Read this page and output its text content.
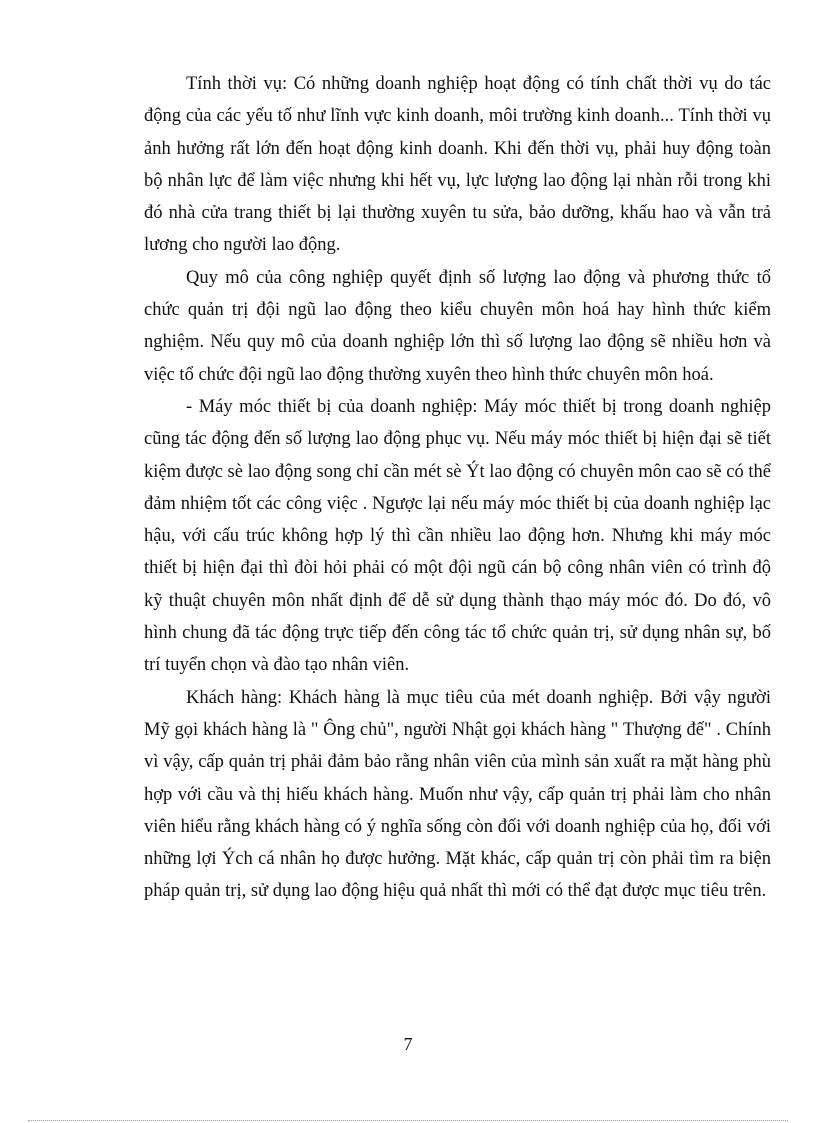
Tính thời vụ: Có những doanh nghiệp hoạt động có tính chất thời vụ do tác động của các yếu tố như lĩnh vực kinh doanh, môi trường kinh doanh... Tính thời vụ ảnh hưởng rất lớn đến hoạt động kinh doanh. Khi đến thời vụ, phải huy động toàn bộ nhân lực để làm việc nhưng khi hết vụ, lực lượng lao động lại nhàn rỗi trong khi đó nhà cửa trang thiết bị lại thường xuyên tu sửa, bảo dưỡng, khấu hao và vẫn trả lương cho người lao động.

Quy mô của công nghiệp quyết định số lượng lao động và phương thức tổ chức quản trị đội ngũ lao động theo kiểu chuyên môn hoá hay hình thức kiểm nghiệm. Nếu quy mô của doanh nghiệp lớn thì số lượng lao động sẽ nhiều hơn và việc tổ chức đội ngũ lao động thường xuyên theo hình thức chuyên môn hoá.

- Máy móc thiết bị của doanh nghiệp: Máy móc thiết bị trong doanh nghiệp cũng tác động đến số lượng lao động phục vụ. Nếu máy móc thiết bị hiện đại sẽ tiết kiệm được sè lao động song chỉ cần mét sè Ýt lao động có chuyên môn cao sẽ có thể đảm nhiệm tốt các công việc . Ngược lại nếu máy móc thiết bị của doanh nghiệp lạc hậu, với cấu trúc không hợp lý thì cần nhiều lao động hơn. Nhưng khi máy móc thiết bị hiện đại thì đòi hỏi phải có một đội ngũ cán bộ công nhân viên có trình độ kỹ thuật chuyên môn nhất định để dễ sử dụng thành thạo máy móc đó. Do đó, vô hình chung đã tác động trực tiếp đến công tác tổ chức quản trị, sử dụng nhân sự, bố trí tuyển chọn và đào tạo nhân viên.

Khách hàng: Khách hàng là mục tiêu của mét doanh nghiệp. Bởi vậy người Mỹ gọi khách hàng là " Ông chủ", người Nhật gọi khách hàng " Thượng đế" . Chính vì vậy, cấp quản trị phải đảm bảo rằng nhân viên của mình sản xuất ra mặt hàng phù hợp với cầu và thị hiếu khách hàng. Muốn như vậy, cấp quản trị phải làm cho nhân viên hiểu rằng khách hàng có ý nghĩa sống còn đối với doanh nghiệp của họ, đối với những lợi Ých cá nhân họ được hưởng. Mặt khác, cấp quản trị còn phải tìm ra biện pháp quản trị, sử dụng lao động hiệu quả nhất thì mới có thể đạt được mục tiêu trên.

7
